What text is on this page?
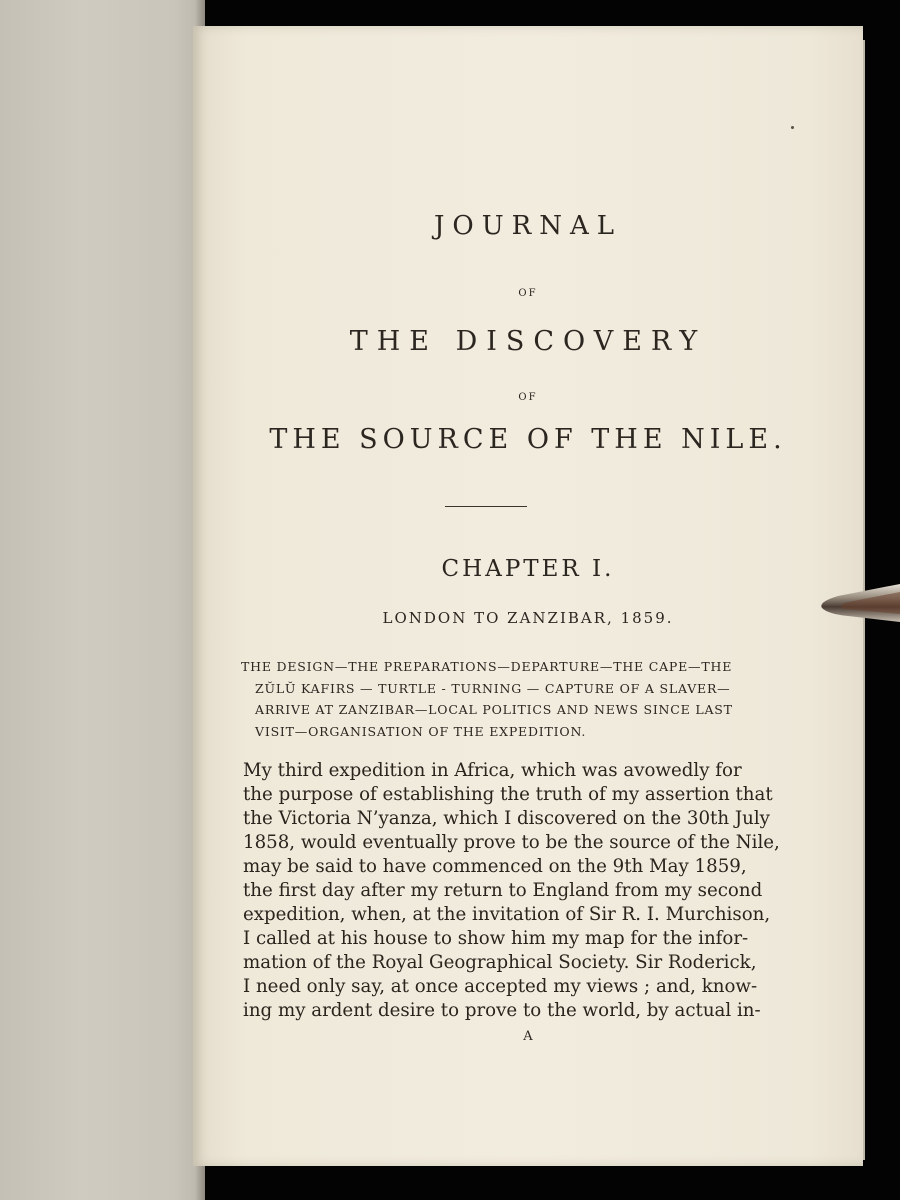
JOURNAL
OF
THE DISCOVERY
OF
THE SOURCE OF THE NILE.
CHAPTER I.
LONDON TO ZANZIBAR, 1859.
THE DESIGN—THE PREPARATIONS—DEPARTURE—THE CAPE—THE
ZŬLŬ KAFIRS — TURTLE - TURNING — CAPTURE OF A SLAVER—
ARRIVE AT ZANZIBAR—LOCAL POLITICS AND NEWS SINCE LAST
VISIT—ORGANISATION OF THE EXPEDITION.
My third expedition in Africa, which was avowedly for
the purpose of establishing the truth of my assertion that
the Victoria N’yanza, which I discovered on the 30th July
1858, would eventually prove to be the source of the Nile,
may be said to have commenced on the 9th May 1859,
the first day after my return to England from my second
expedition, when, at the invitation of Sir R. I. Murchison,
I called at his house to show him my map for the infor-
mation of the Royal Geographical Society. Sir Roderick,
I need only say, at once accepted my views ; and, know-
ing my ardent desire to prove to the world, by actual in-
A
